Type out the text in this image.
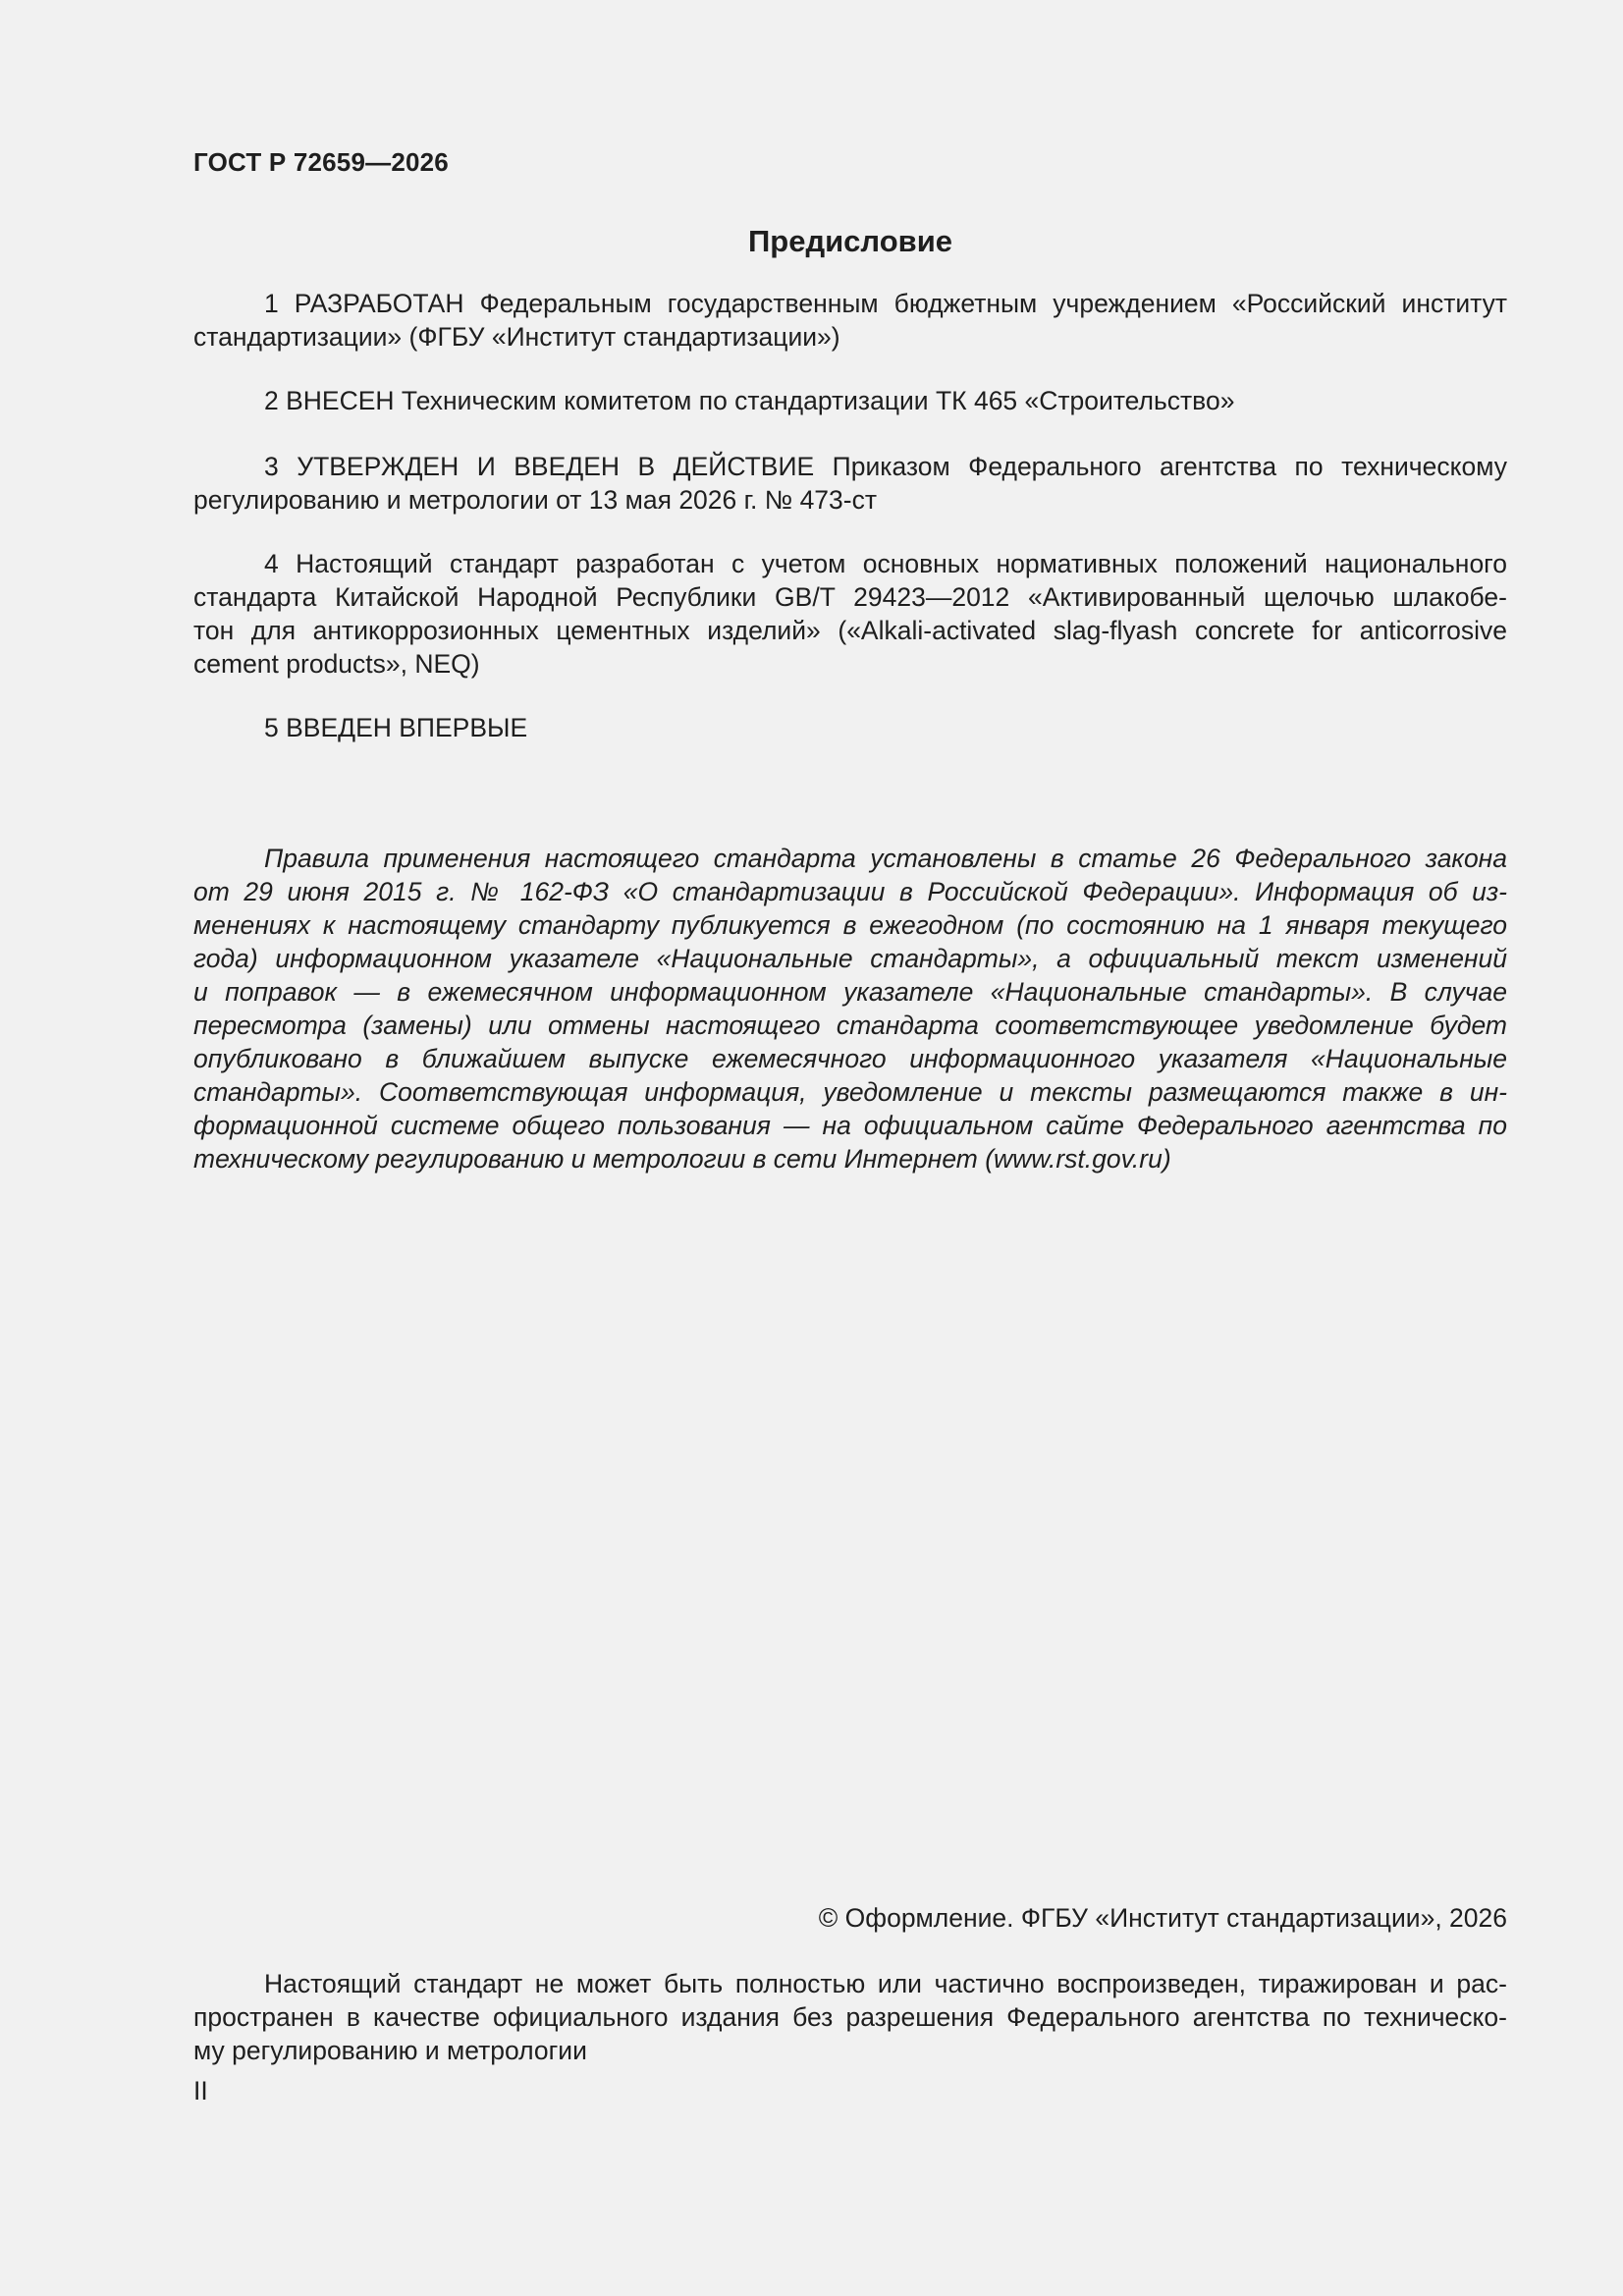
ГОСТ Р 72659—2026
Предисловие
1 РАЗРАБОТАН Федеральным государственным бюджетным учреждением «Российский институт
стандартизации» (ФГБУ «Институт стандартизации»)
2 ВНЕСЕН Техническим комитетом по стандартизации ТК 465 «Строительство»
3 УТВЕРЖДЕН И ВВЕДЕН В ДЕЙСТВИЕ Приказом Федерального агентства по техническому
регулированию и метрологии от 13 мая 2026 г. № 473-ст
4 Настоящий стандарт разработан с учетом основных нормативных положений национального
стандарта Китайской Народной Республики GB/T 29423—2012 «Активированный щелочью шлакобе-
тон для антикоррозионных цементных изделий» («Alkali-activated slag-flyash concrete for anticorrosive
cement products», NEQ)
5 ВВЕДЕН ВПЕРВЫЕ
Правила применения настоящего стандарта установлены в статье 26 Федерального закона
от 29 июня 2015 г. № 162-ФЗ «О стандартизации в Российской Федерации». Информация об из-
менениях к настоящему стандарту публикуется в ежегодном (по состоянию на 1 января текущего
года) информационном указателе «Национальные стандарты», а официальный текст изменений
и поправок — в ежемесячном информационном указателе «Национальные стандарты». В случае
пересмотра (замены) или отмены настоящего стандарта соответствующее уведомление будет
опубликовано в ближайшем выпуске ежемесячного информационного указателя «Национальные
стандарты». Соответствующая информация, уведомление и тексты размещаются также в ин-
формационной системе общего пользования — на официальном сайте Федерального агентства по
техническому регулированию и метрологии в сети Интернет (www.rst.gov.ru)
© Оформление. ФГБУ «Институт стандартизации», 2026
Настоящий стандарт не может быть полностью или частично воспроизведен, тиражирован и рас-
пространен в качестве официального издания без разрешения Федерального агентства по техническо-
му регулированию и метрологии
II
